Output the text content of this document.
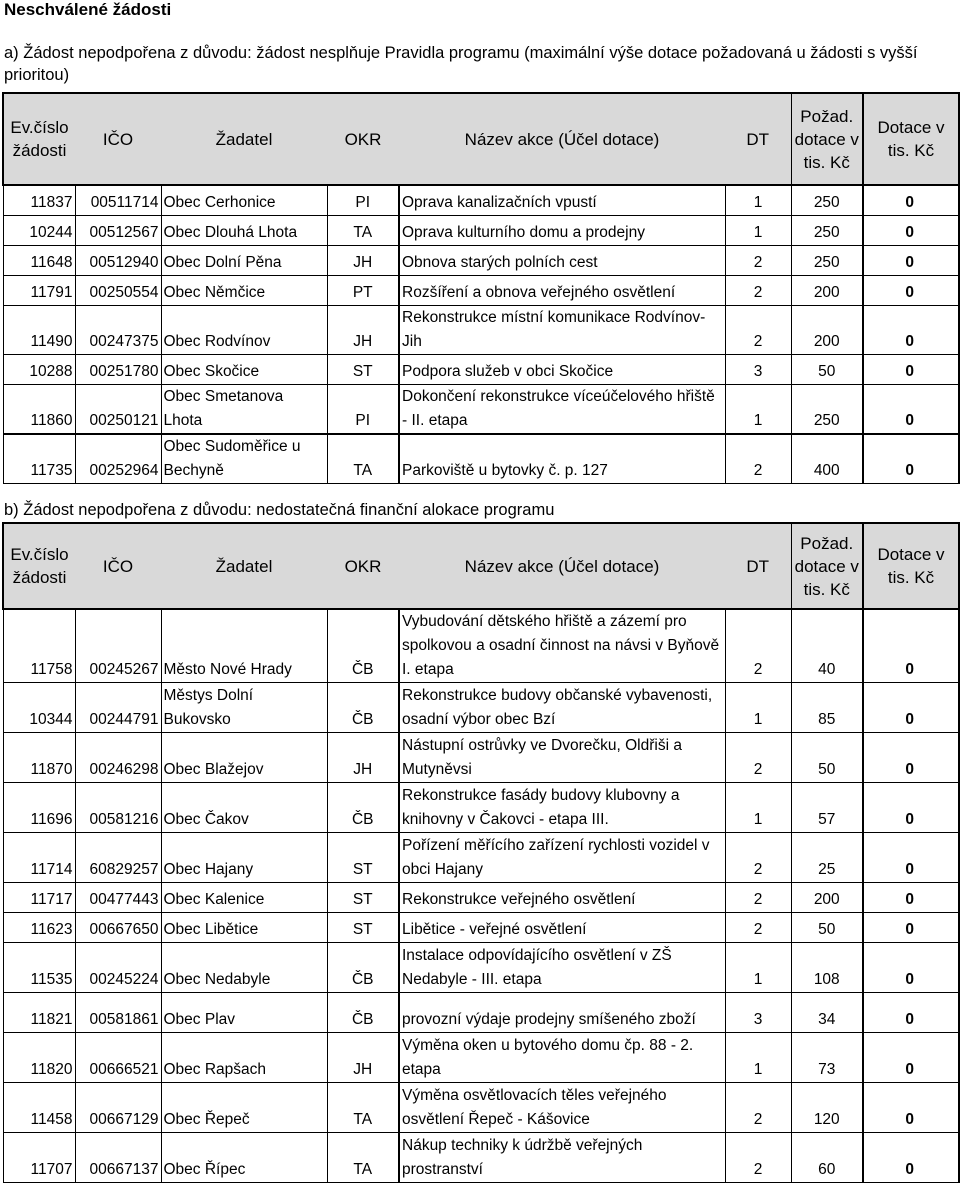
Neschválené žádosti
a) Žádost nepodpořena z důvodu: žádost nesplňuje Pravidla programu (maximální výše dotace požadovaná u žádosti s vyšší prioritou)
Ev.číslo žádosti	IČO	Žadatel	OKR	Název akce (Účel dotace)	DT	Požad. dotace v tis. Kč	Dotace v tis. Kč
11837	00511714	Obec Cerhonice	PI	Oprava kanalizačních vpustí	1	250	0
10244	00512567	Obec Dlouhá Lhota	TA	Oprava kulturního domu a prodejny	1	250	0
11648	00512940	Obec Dolní Pěna	JH	Obnova starých polních cest	2	250	0
11791	00250554	Obec Němčice	PT	Rozšíření a obnova veřejného osvětlení	2	200	0
11490	00247375	Obec Rodvínov	JH	Rekonstrukce místní komunikace Rodvínov-Jih	2	200	0
10288	00251780	Obec Skočice	ST	Podpora služeb v obci Skočice	3	50	0
11860	00250121	Obec Smetanova Lhota	PI	Dokončení rekonstrukce víceúčelového hřiště - II. etapa	1	250	0
11735	00252964	Obec Sudoměřice u Bechyně	TA	Parkoviště u bytovky č. p. 127	2	400	0
b) Žádost nepodpořena z důvodu: nedostatečná finanční alokace programu
Ev.číslo žádosti	IČO	Žadatel	OKR	Název akce (Účel dotace)	DT	Požad. dotace v tis. Kč	Dotace v tis. Kč
11758	00245267	Město Nové Hrady	ČB	Vybudování dětského hřiště a zázemí pro spolkovou a osadní činnost na návsi v Byňově I. etapa	2	40	0
10344	00244791	Městys Dolní Bukovsko	ČB	Rekonstrukce budovy občanské vybavenosti, osadní výbor obec Bzí	1	85	0
11870	00246298	Obec Blažejov	JH	Nástupní ostrůvky ve Dvorečku, Oldřiši a Mutyněvsi	2	50	0
11696	00581216	Obec Čakov	ČB	Rekonstrukce fasády budovy klubovny a knihovny v Čakovci - etapa III.	1	57	0
11714	60829257	Obec Hajany	ST	Pořízení měřícího zařízení rychlosti vozidel v obci Hajany	2	25	0
11717	00477443	Obec Kalenice	ST	Rekonstrukce veřejného osvětlení	2	200	0
11623	00667650	Obec Libětice	ST	Libětice - veřejné osvětlení	2	50	0
11535	00245224	Obec Nedabyle	ČB	Instalace odpovídajícího osvětlení v ZŠ Nedabyle - III. etapa	1	108	0
11821	00581861	Obec Plav	ČB	provozní výdaje prodejny smíšeného zboží	3	34	0
11820	00666521	Obec Rapšach	JH	Výměna oken u bytového domu čp. 88 - 2. etapa	1	73	0
11458	00667129	Obec Řepeč	TA	Výměna osvětlovacích těles veřejného osvětlení Řepeč - Kášovice	2	120	0
11707	00667137	Obec Řípec	TA	Nákup techniky k údržbě veřejných prostranství	2	60	0
